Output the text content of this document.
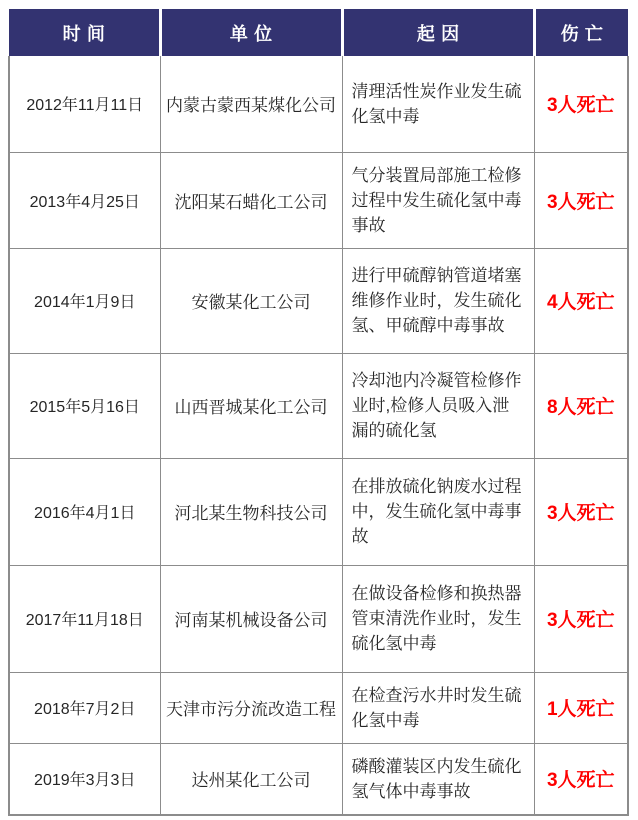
时间	单位	起因	伤亡
2012年11月11日	内蒙古蒙西某煤化公司	清理活性炭作业发生硫化氢中毒	3人死亡
2013年4月25日	沈阳某石蜡化工公司	气分装置局部施工检修过程中发生硫化氢中毒事故	3人死亡
2014年1月9日	安徽某化工公司	进行甲硫醇钠管道堵塞维修作业时，发生硫化氢、甲硫醇中毒事故	4人死亡
2015年5月16日	山西晋城某化工公司	冷却池内冷凝管检修作业时,检修人员吸入泄漏的硫化氢	8人死亡
2016年4月1日	河北某生物科技公司	在排放硫化钠废水过程中，发生硫化氢中毒事故	3人死亡
2017年11月18日	河南某机械设备公司	在做设备检修和换热器管束清洗作业时，发生硫化氢中毒	3人死亡
2018年7月2日	天津市污分流改造工程	在检查污水井时发生硫化氢中毒	1人死亡
2019年3月3日	达州某化工公司	磷酸灌装区内发生硫化氢气体中毒事故	3人死亡
